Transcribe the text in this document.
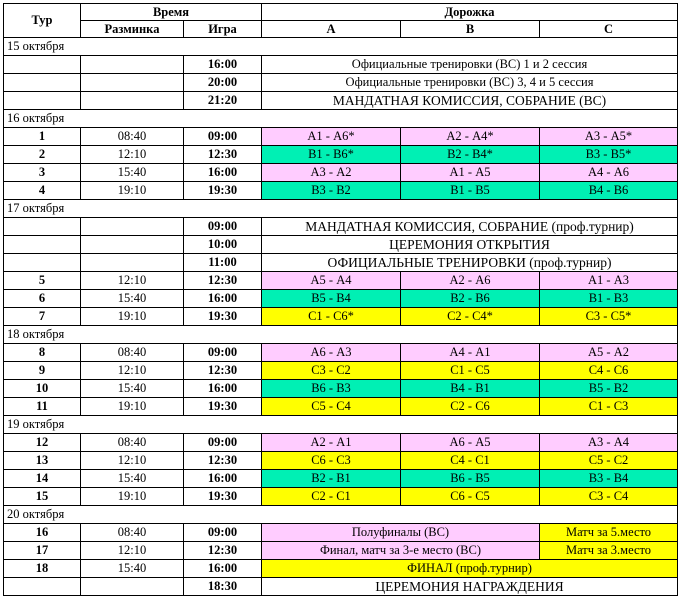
Тур	Время		Дорожка		
	Разминка	Игра	А	B	C
15 октября					
		16:00	Официальные тренировки (ВС) 1 и 2 сессия		
		20:00	Официальные тренировки (ВС) 3, 4 и 5 сессия		
		21:20	МАНДАТНАЯ КОМИССИЯ, СОБРАНИЕ (ВС)		
16 октября					
1	08:40	09:00	А1 - А6*	А2 - А4*	А3 - А5*
2	12:10	12:30	В1 - В6*	В2 - В4*	В3 - В5*
3	15:40	16:00	А3 - А2	А1 - А5	А4 - А6
4	19:10	19:30	В3 - В2	В1 - В5	В4 - В6
17 октября					
		09:00	МАНДАТНАЯ КОМИССИЯ, СОБРАНИЕ (проф.турнир)		
		10:00	ЦЕРЕМОНИЯ ОТКРЫТИЯ		
		11:00	ОФИЦИАЛЬНЫЕ ТРЕНИРОВКИ (проф.турнир)		
5	12:10	12:30	А5 - А4	А2 - А6	А1 - А3
6	15:40	16:00	В5 - В4	В2 - В6	В1 - В3
7	19:10	19:30	С1 - С6*	С2 - С4*	С3 - С5*
18 октября					
8	08:40	09:00	А6 - А3	А4 - А1	А5 - А2
9	12:10	12:30	С3 - С2	С1 - С5	С4 - С6
10	15:40	16:00	В6 - В3	В4 - В1	В5 - В2
11	19:10	19:30	С5 - С4	С2 - С6	С1 - С3
19 октября					
12	08:40	09:00	А2 - А1	А6 - А5	А3 - А4
13	12:10	12:30	С6 - С3	С4 - С1	С5 - С2
14	15:40	16:00	В2 - В1	В6 - В5	В3 - В4
15	19:10	19:30	С2 - С1	С6 - С5	С3 - С4
20 октября					
16	08:40	09:00	Полуфиналы (ВС)		Матч за 5.место
17	12:10	12:30	Финал, матч за 3-е место (ВС)		Матч за 3.место
18	15:40	16:00	ФИНАЛ (проф.турнир)		
		18:30	ЦЕРЕМОНИЯ НАГРАЖДЕНИЯ		
